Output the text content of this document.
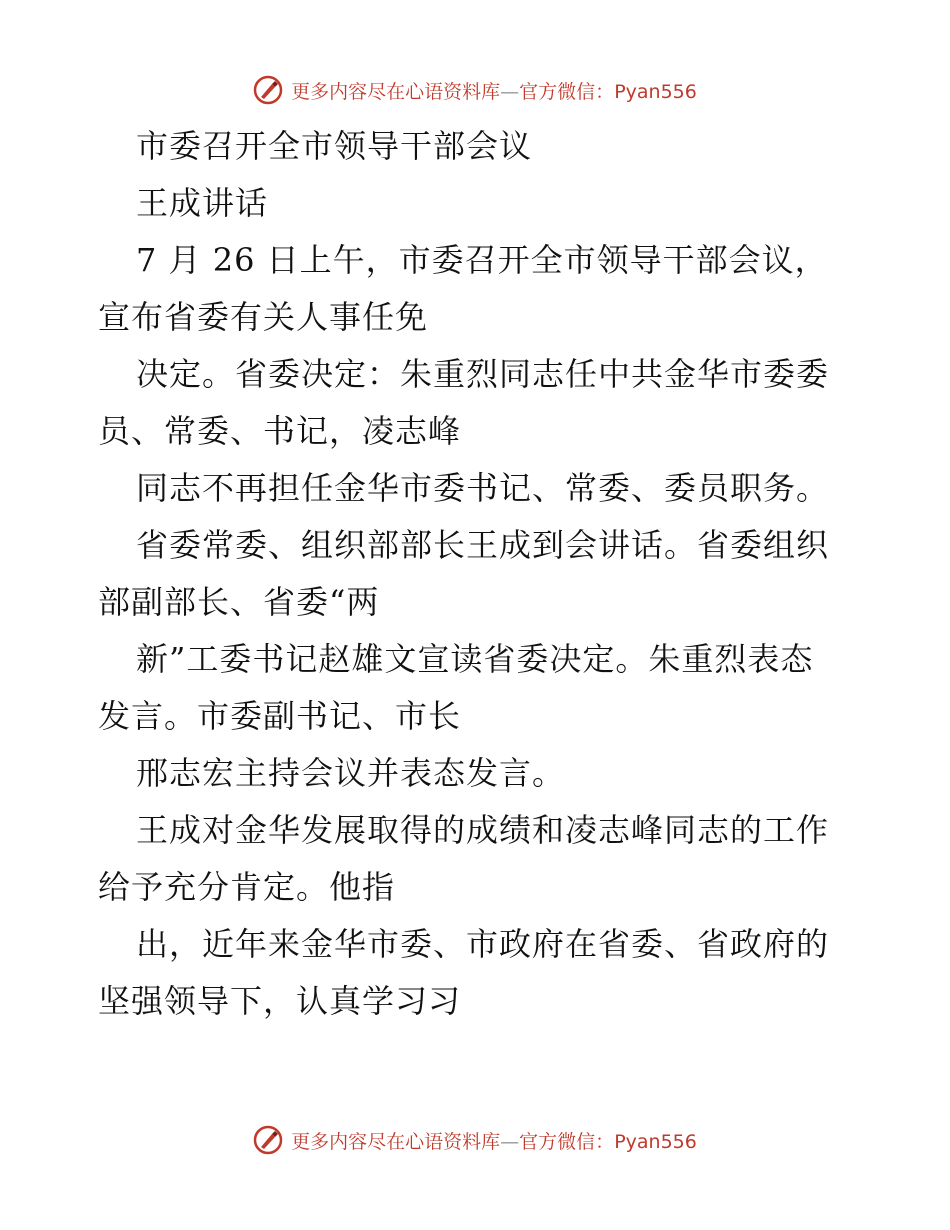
更多内容尽在心语资料库—官方微信：Pyan556
市委召开全市领导干部会议
王成讲话
7 月 26 日上午，市委召开全市领导干部会议，
宣布省委有关人事任免
决定。省委决定：朱重烈同志任中共金华市委委
员、常委、书记，凌志峰
同志不再担任金华市委书记、常委、委员职务。
省委常委、组织部部长王成到会讲话。省委组织
部副部长、省委“两
新”工委书记赵雄文宣读省委决定。朱重烈表态
发言。市委副书记、市长
邢志宏主持会议并表态发言。
王成对金华发展取得的成绩和凌志峰同志的工作
给予充分肯定。他指
出，近年来金华市委、市政府在省委、省政府的
坚强领导下，认真学习习
更多内容尽在心语资料库—官方微信：Pyan556
